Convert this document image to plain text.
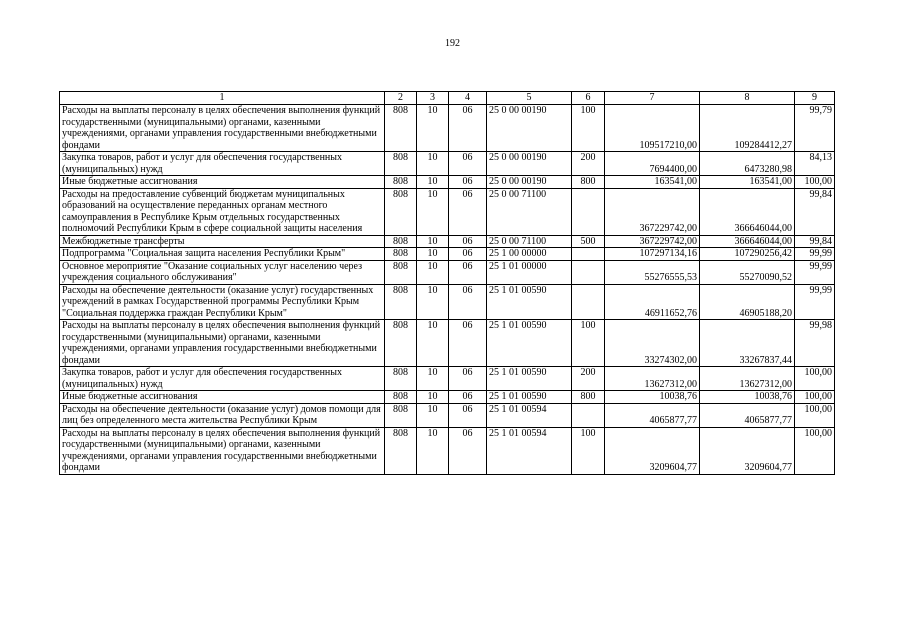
192
1	2	3	4	5	6	7	8	9
Расходы на выплаты персоналу в целях обеспечения выполнения функций государственными (муниципальными) органами, казенными учреждениями, органами управления государственными внебюджетными фондами	808	10	06	25 0 00 00190	100	109517210,00	109284412,27	99,79
Закупка товаров, работ и услуг для обеспечения государственных (муниципальных) нужд	808	10	06	25 0 00 00190	200	7694400,00	6473280,98	84,13
Иные бюджетные ассигнования	808	10	06	25 0 00 00190	800	163541,00	163541,00	100,00
Расходы на предоставление субвенций бюджетам муниципальных образований на осуществление переданных органам местного самоуправления в Республике Крым отдельных государственных полномочий Республики Крым в сфере социальной защиты населения	808	10	06	25 0 00 71100		367229742,00	366646044,00	99,84
Межбюджетные трансферты	808	10	06	25 0 00 71100	500	367229742,00	366646044,00	99,84
Подпрограмма "Социальная защита населения Республики Крым"	808	10	06	25 1 00 00000		107297134,16	107290256,42	99,99
Основное мероприятие "Оказание социальных услуг населению через учреждения социального обслуживания"	808	10	06	25 1 01 00000		55276555,53	55270090,52	99,99
Расходы на обеспечение деятельности (оказание услуг) государственных учреждений в рамках Государственной программы Республики Крым "Социальная поддержка граждан Республики Крым"	808	10	06	25 1 01 00590		46911652,76	46905188,20	99,99
Расходы на выплаты персоналу в целях обеспечения выполнения функций государственными (муниципальными) органами, казенными учреждениями, органами управления государственными внебюджетными фондами	808	10	06	25 1 01 00590	100	33274302,00	33267837,44	99,98
Закупка товаров, работ и услуг для обеспечения государственных (муниципальных) нужд	808	10	06	25 1 01 00590	200	13627312,00	13627312,00	100,00
Иные бюджетные ассигнования	808	10	06	25 1 01 00590	800	10038,76	10038,76	100,00
Расходы на обеспечение деятельности (оказание услуг) домов помощи для лиц без определенного места жительства Республики Крым	808	10	06	25 1 01 00594		4065877,77	4065877,77	100,00
Расходы на выплаты персоналу в целях обеспечения выполнения функций государственными (муниципальными) органами, казенными учреждениями, органами управления государственными внебюджетными фондами	808	10	06	25 1 01 00594	100	3209604,77	3209604,77	100,00
